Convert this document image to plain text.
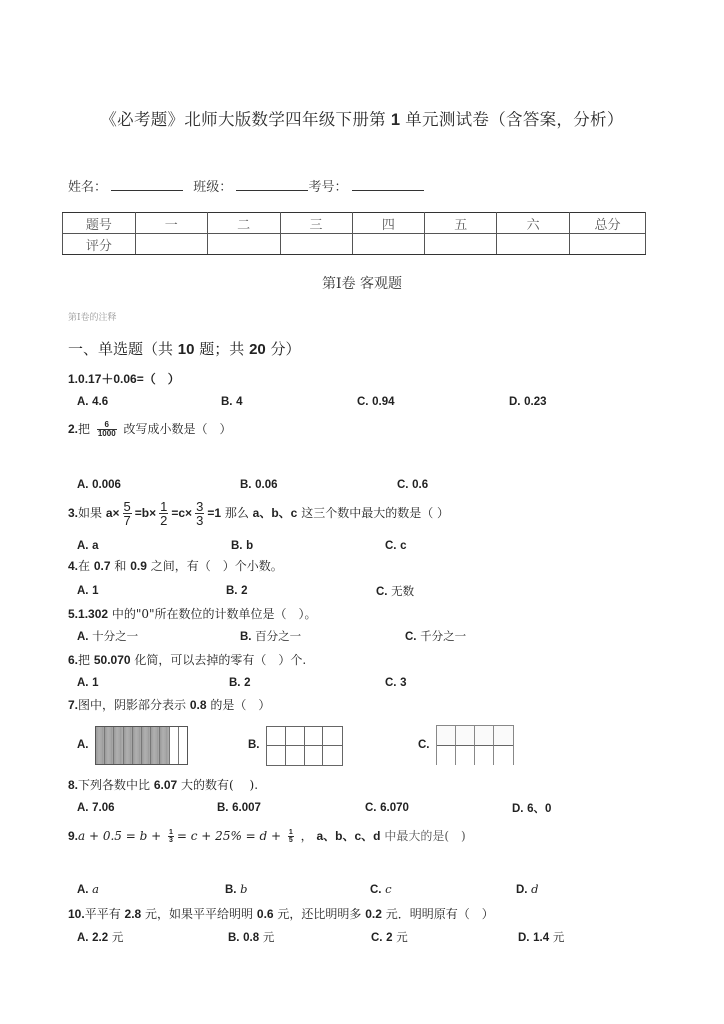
《必考题》北师大版数学四年级下册第 1 单元测试卷（含答案，分析）
姓名：	班级：	考号：
题号	一	二	三	四	五	六	总分
评分							
第Ⅰ卷 客观题
第Ⅰ卷的注释
一、单选题（共 10 题；共 20 分）
1.0.17＋0.06=（　）
A. 4.6	B. 4	C. 0.94	D. 0.23
2.把 $\frac{6}{1000}$ 改写成小数是（　）
A. 0.006	B. 0.06	C. 0.6
3.如果 $a\times \frac{5}{7} =b\times \frac{1}{2} =c\times \frac{3}{3} =1$ 那么 a、b、c 这三个数中最大的数是（ ）
A. a	B. b	C. c
4.在 0.7 和 0.9 之间，有（　）个小数。
A. 1	B. 2	C. 无数
5.1.302 中的"0"所在数位的计数单位是（　）。
A. 十分之一	B. 百分之一	C. 千分之一
6.把 50.070 化简，可以去掉的零有（　）个.
A. 1	B. 2	C. 3
7.图中，阴影部分表示 0.8 的是（　）
A.	B.	C.
8.下列各数中比 6.07 大的数有(　 ).
A. 7.06	B. 6.007	C. 6.070	D. 6、0
$9.a + 0.5 = b + \frac{1}{3} = c + 25\% = d + \frac{1}{5}$ ， a、b、c、d 中最大的是(　)
A. a	B. b	C. c	D. d
10.平平有 2.8 元，如果平平给明明 0.6 元，还比明明多 0.2 元．明明原有（　）
A. 2.2 元	B. 0.8 元	C. 2 元	D. 1.4 元
